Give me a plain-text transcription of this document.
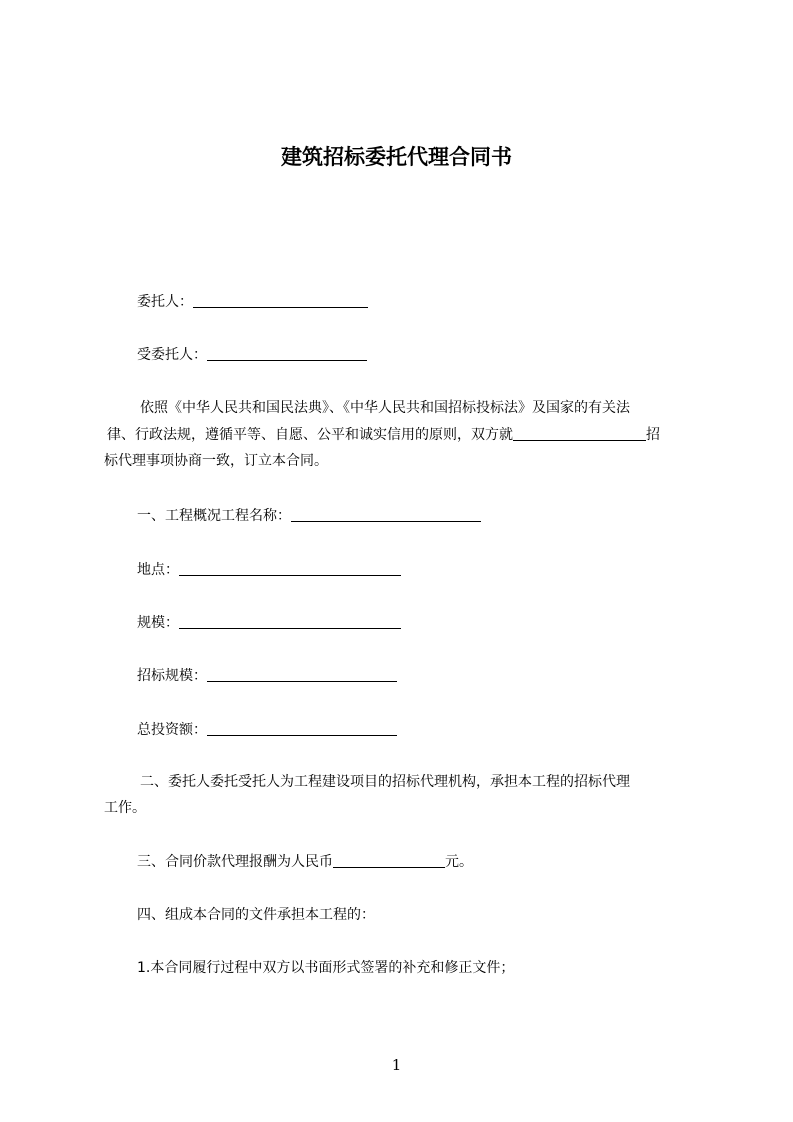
建筑招标委托代理合同书
委托人：
受委托人：
依照《中华人民共和国民法典》、《中华人民共和国招标投标法》及国家的有关法
律、行政法规，遵循平等、自愿、公平和诚实信用的原则，双方就	招
标代理事项协商一致，订立本合同。
一、工程概况工程名称：
地点：
规模：
招标规模：
总投资额：
二、委托人委托受托人为工程建设项目的招标代理机构，承担本工程的招标代理
工作。
三、合同价款代理报酬为人民币	元。
四、组成本合同的文件承担本工程的：
1.本合同履行过程中双方以书面形式签署的补充和修正文件；
1
